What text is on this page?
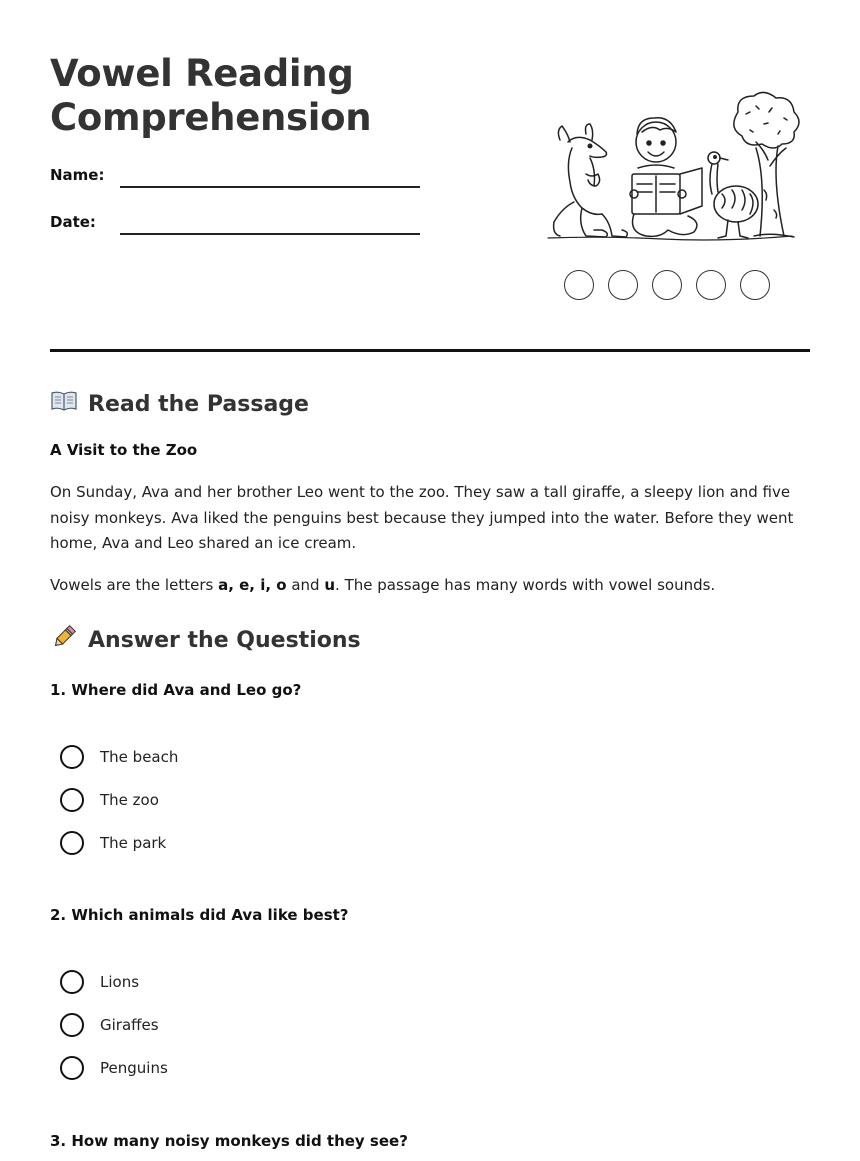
Vowel Reading Comprehension
Name:
Date:
Read the Passage
A Visit to the Zoo

On Sunday, Ava and her brother Leo went to the zoo. They saw a tall giraffe, a sleepy lion and five noisy monkeys. Ava liked the penguins best because they jumped into the water. Before they went home, Ava and Leo shared an ice cream.

Vowels are the letters a, e, i, o and u. The passage has many words with vowel sounds.

Answer the Questions

1. Where did Ava and Leo go?

The beach
The zoo
The park

2. Which animals did Ava like best?

Lions
Giraffes
Penguins

3. How many noisy monkeys did they see?
